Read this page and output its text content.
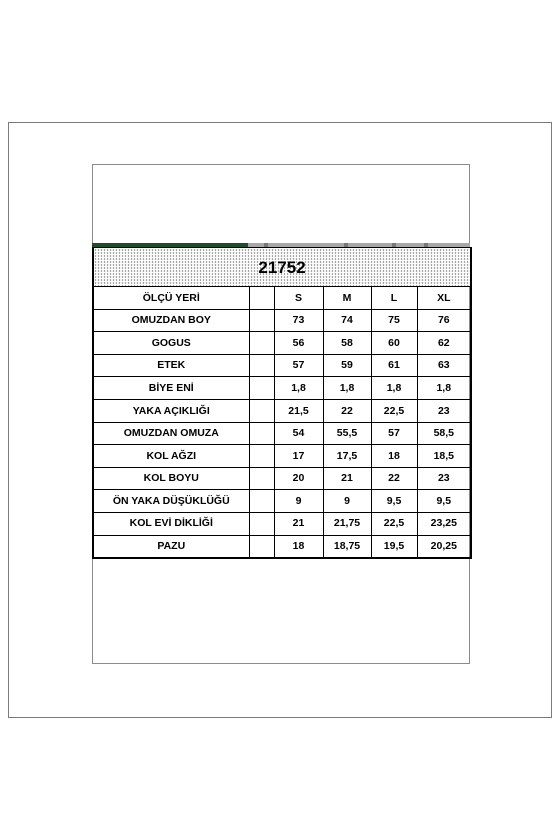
21752					
ÖLÇÜ YERİ		S	M	L	XL
OMUZDAN BOY		73	74	75	76
GOGUS		56	58	60	62
ETEK		57	59	61	63
BİYE ENİ		1,8	1,8	1,8	1,8
YAKA AÇIKLIĞI		21,5	22	22,5	23
OMUZDAN OMUZA		54	55,5	57	58,5
KOL AĞZI		17	17,5	18	18,5
KOL BOYU		20	21	22	23
ÖN YAKA DÜŞÜKLÜĞÜ		9	9	9,5	9,5
KOL EVİ DİKLİĞİ		21	21,75	22,5	23,25
PAZU		18	18,75	19,5	20,25
